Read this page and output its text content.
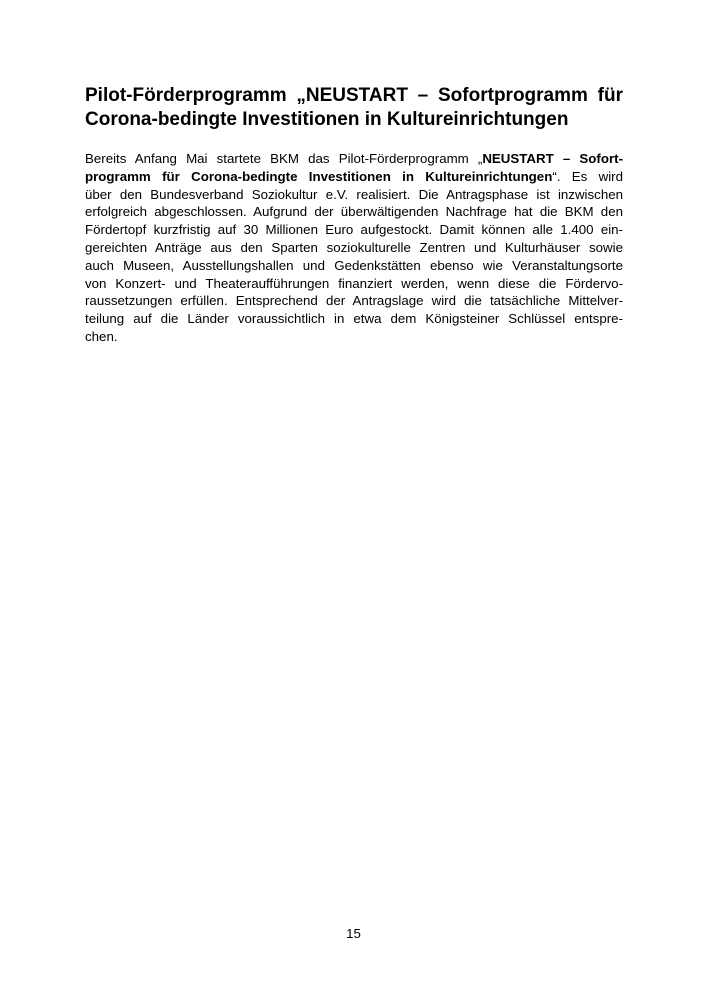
Pilot-Förderprogramm „NEUSTART – Sofortprogramm für
Corona-bedingte Investitionen in Kultureinrichtungen
Bereits Anfang Mai startete BKM das Pilot-Förderprogramm „NEUSTART – Sofort-
programm für Corona-bedingte Investitionen in Kultureinrichtungen“. Es wird
über den Bundesverband Soziokultur e.V. realisiert. Die Antragsphase ist inzwischen
erfolgreich abgeschlossen. Aufgrund der überwältigenden Nachfrage hat die BKM den
Fördertopf kurzfristig auf 30 Millionen Euro aufgestockt. Damit können alle 1.400 ein-
gereichten Anträge aus den Sparten soziokulturelle Zentren und Kulturhäuser sowie
auch Museen, Ausstellungshallen und Gedenkstätten ebenso wie Veranstaltungsorte
von Konzert- und Theateraufführungen finanziert werden, wenn diese die Fördervo-
raussetzungen erfüllen. Entsprechend der Antragslage wird die tatsächliche Mittelver-
teilung auf die Länder voraussichtlich in etwa dem Königsteiner Schlüssel entspre-
chen.
15
